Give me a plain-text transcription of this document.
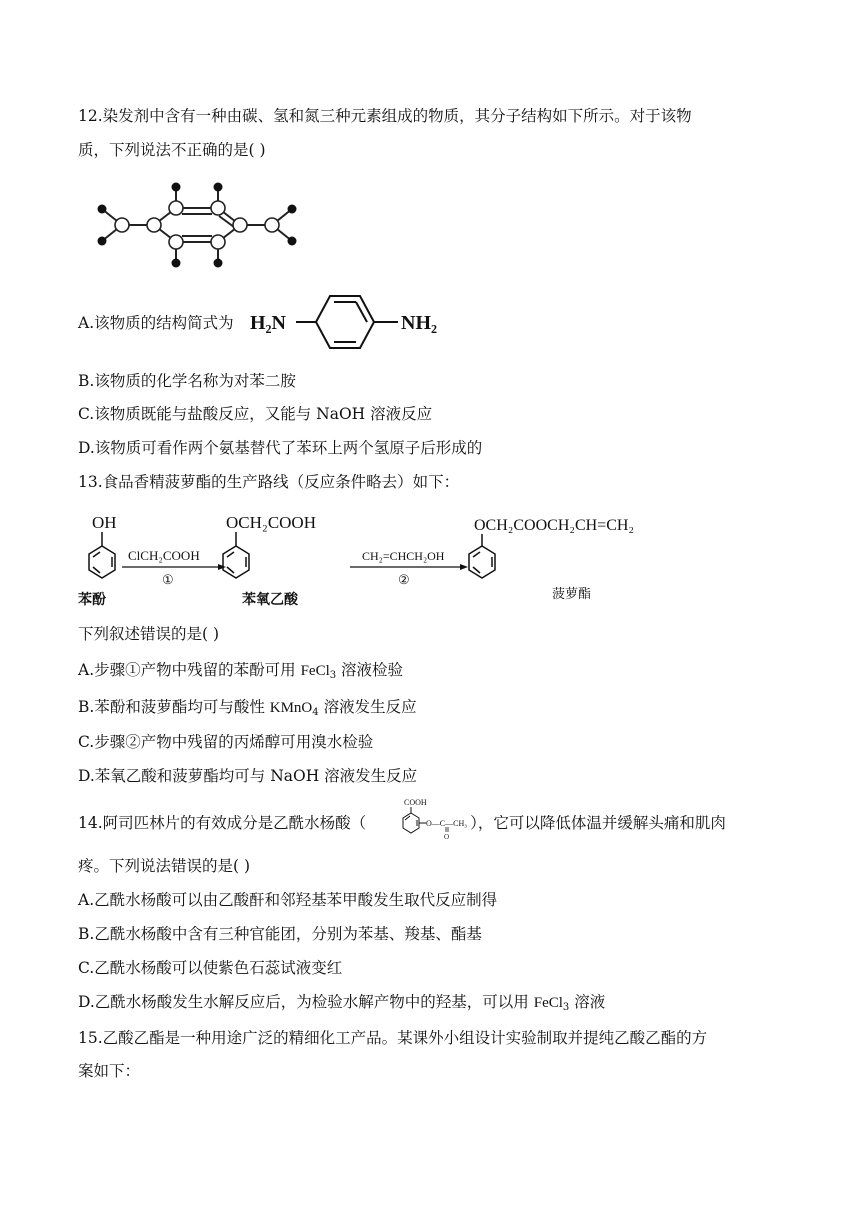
12.染发剂中含有一种由碳、氢和氮三种元素组成的物质，其分子结构如下所示。对于该物
质，下列说法不正确的是( )
A.该物质的结构简式为 H₂N	NH₂
B.该物质的化学名称为对苯二胺
C.该物质既能与盐酸反应，又能与 NaOH 溶液反应
D.该物质可看作两个氨基替代了苯环上两个氢原子后形成的
13.食品香精菠萝酯的生产路线（反应条件略去）如下：
OH
苯酚
ClCH₂COOH
①
OCH₂COOH
苯氧乙酸
CH₂=CHCH₂OH
②
OCH₂COOCH₂CH=CH₂
菠萝酯
下列叙述错误的是( )
A.步骤①产物中残留的苯酚可用 FeCl$_3$ 溶液检验
B.苯酚和菠萝酯均可与酸性 KMnO$_4$ 溶液发生反应
C.步骤②产物中残留的丙烯醇可用溴水检验
D.苯氧乙酸和菠萝酯均可与 NaOH 溶液发生反应
14.阿司匹林片的有效成分是乙酰水杨酸（	），它可以降低体温并缓解头痛和肌肉
COOH
O—C—CH₃
O
疼。下列说法错误的是( )
A.乙酰水杨酸可以由乙酸酐和邻羟基苯甲酸发生取代反应制得
B.乙酰水杨酸中含有三种官能团，分别为苯基、羧基、酯基
C.乙酰水杨酸可以使紫色石蕊试液变红
D.乙酰水杨酸发生水解反应后，为检验水解产物中的羟基，可以用 FeCl$_3$ 溶液
15.乙酸乙酯是一种用途广泛的精细化工产品。某课外小组设计实验制取并提纯乙酸乙酯的方
案如下：
